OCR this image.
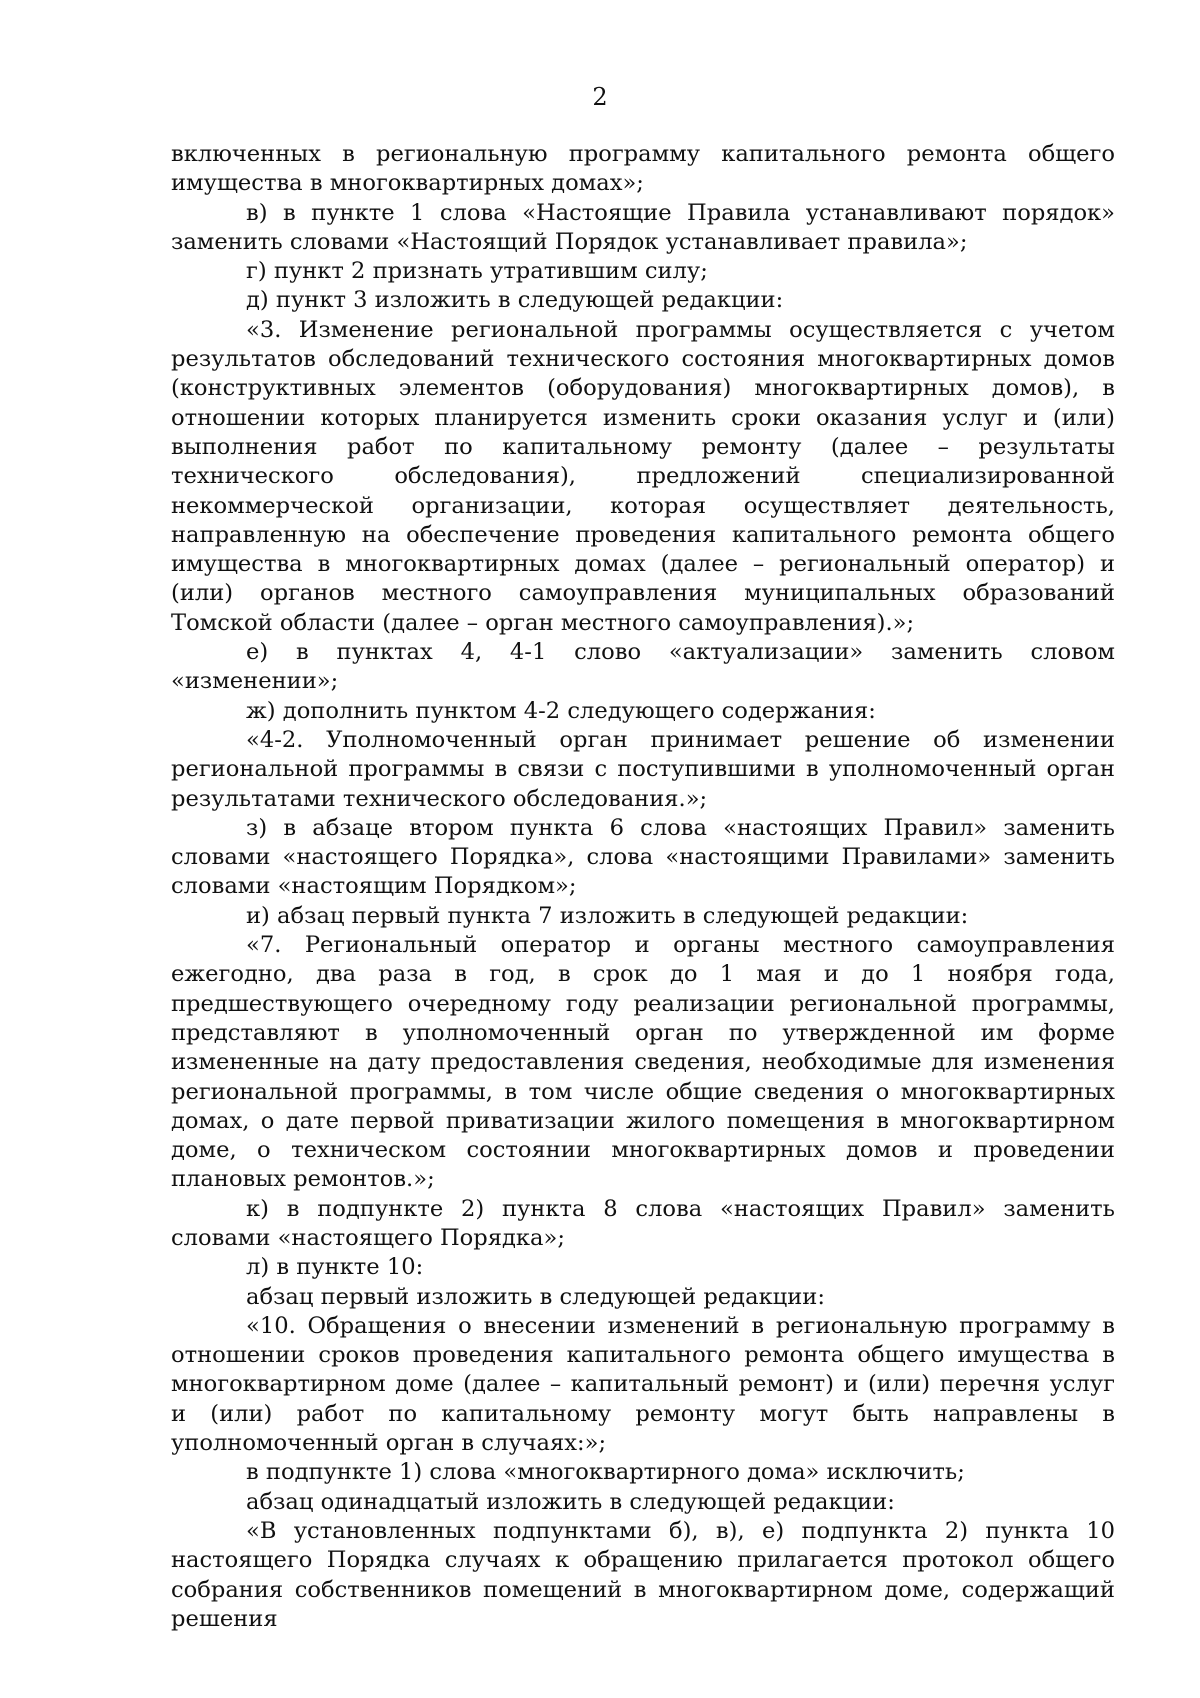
2

включенных в региональную программу капитального ремонта общего имущества в многоквартирных домах»;

в) в пункте 1 слова «Настоящие Правила устанавливают порядок» заменить словами «Настоящий Порядок устанавливает правила»;

г) пункт 2 признать утратившим силу;

д) пункт 3 изложить в следующей редакции:

«3. Изменение региональной программы осуществляется с учетом результатов обследований технического состояния многоквартирных домов (конструктивных элементов (оборудования) многоквартирных домов), в отношении которых планируется изменить сроки оказания услуг и (или) выполнения работ по капитальному ремонту (далее – результаты технического обследования), предложений специализированной некоммерческой организации, которая осуществляет деятельность, направленную на обеспечение проведения капитального ремонта общего имущества в многоквартирных домах (далее – региональный оператор) и (или) органов местного самоуправления муниципальных образований Томской области (далее – орган местного самоуправления).»;

е) в пунктах 4, 4-1 слово «актуализации» заменить словом «изменении»;

ж) дополнить пунктом 4-2 следующего содержания:

«4-2. Уполномоченный орган принимает решение об изменении региональной программы в связи с поступившими в уполномоченный орган результатами технического обследования.»;

з) в абзаце втором пункта 6 слова «настоящих Правил» заменить словами «настоящего Порядка», слова «настоящими Правилами» заменить словами «настоящим Порядком»;

и) абзац первый пункта 7 изложить в следующей редакции:

«7. Региональный оператор и органы местного самоуправления ежегодно, два раза в год, в срок до 1 мая и до 1 ноября года, предшествующего очередному году реализации региональной программы, представляют в уполномоченный орган по утвержденной им форме измененные на дату предоставления сведения, необходимые для изменения региональной программы, в том числе общие сведения о многоквартирных домах, о дате первой приватизации жилого помещения в многоквартирном доме, о техническом состоянии многоквартирных домов и проведении плановых ремонтов.»;

к) в подпункте 2) пункта 8 слова «настоящих Правил» заменить словами «настоящего Порядка»;

л) в пункте 10:

абзац первый изложить в следующей редакции:

«10. Обращения о внесении изменений в региональную программу в отношении сроков проведения капитального ремонта общего имущества в многоквартирном доме (далее – капитальный ремонт) и (или) перечня услуг и (или) работ по капитальному ремонту могут быть направлены в уполномоченный орган в случаях:»;

в подпункте 1) слова «многоквартирного дома» исключить;

абзац одинадцатый изложить в следующей редакции:

«В установленных подпунктами б), в), е) подпункта 2) пункта 10 настоящего Порядка случаях к обращению прилагается протокол общего собрания собственников помещений в многоквартирном доме, содержащий решения
